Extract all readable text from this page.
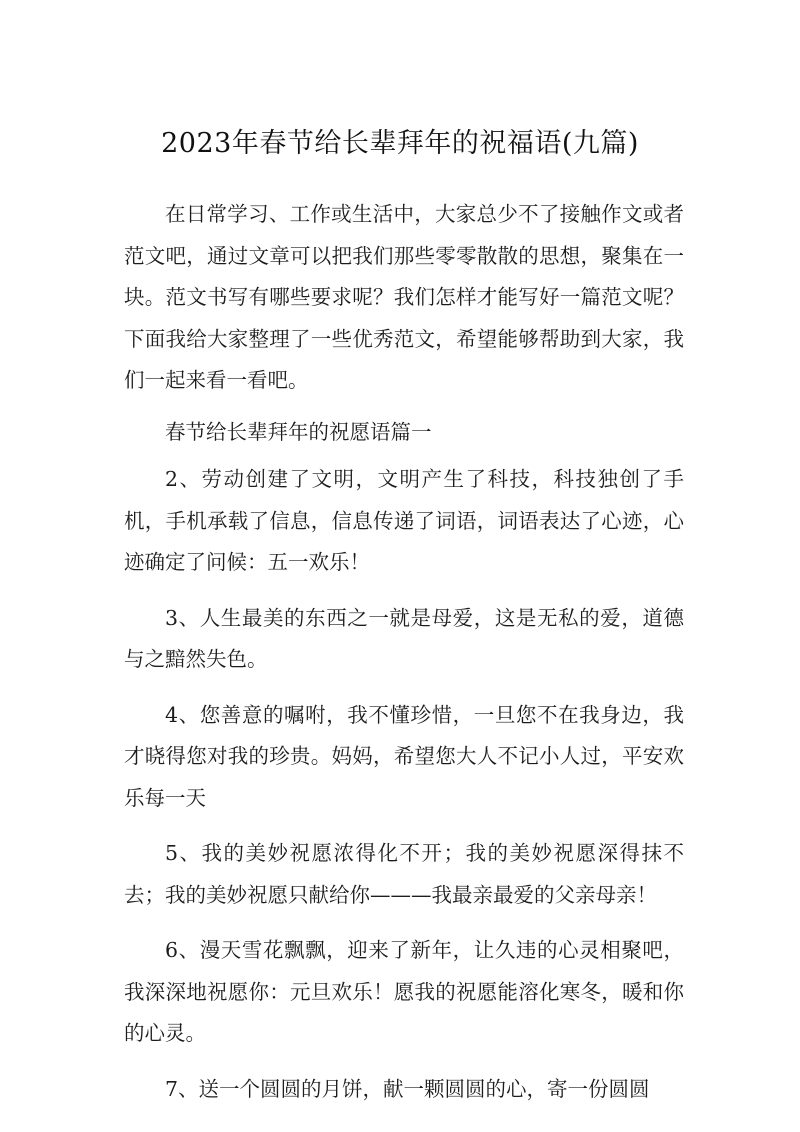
2023年春节给长辈拜年的祝福语(九篇)

在日常学习、工作或生活中，大家总少不了接触作文或者范文吧，通过文章可以把我们那些零零散散的思想，聚集在一块。范文书写有哪些要求呢？我们怎样才能写好一篇范文呢？下面我给大家整理了一些优秀范文，希望能够帮助到大家，我们一起来看一看吧。

春节给长辈拜年的祝愿语篇一

2、劳动创建了文明，文明产生了科技，科技独创了手机，手机承载了信息，信息传递了词语，词语表达了心迹，心迹确定了问候：五一欢乐！

3、人生最美的东西之一就是母爱，这是无私的爱，道德与之黯然失色。

4、您善意的嘱咐，我不懂珍惜，一旦您不在我身边，我才晓得您对我的珍贵。妈妈，希望您大人不记小人过，平安欢乐每一天

5、我的美妙祝愿浓得化不开；我的美妙祝愿深得抹不去；我的美妙祝愿只献给你———我最亲最爱的父亲母亲！

6、漫天雪花飘飘，迎来了新年，让久违的心灵相聚吧，我深深地祝愿你：元旦欢乐！愿我的祝愿能溶化寒冬，暖和你的心灵。

7、送一个圆圆的月饼，献一颗圆圆的心，寄一份圆圆
